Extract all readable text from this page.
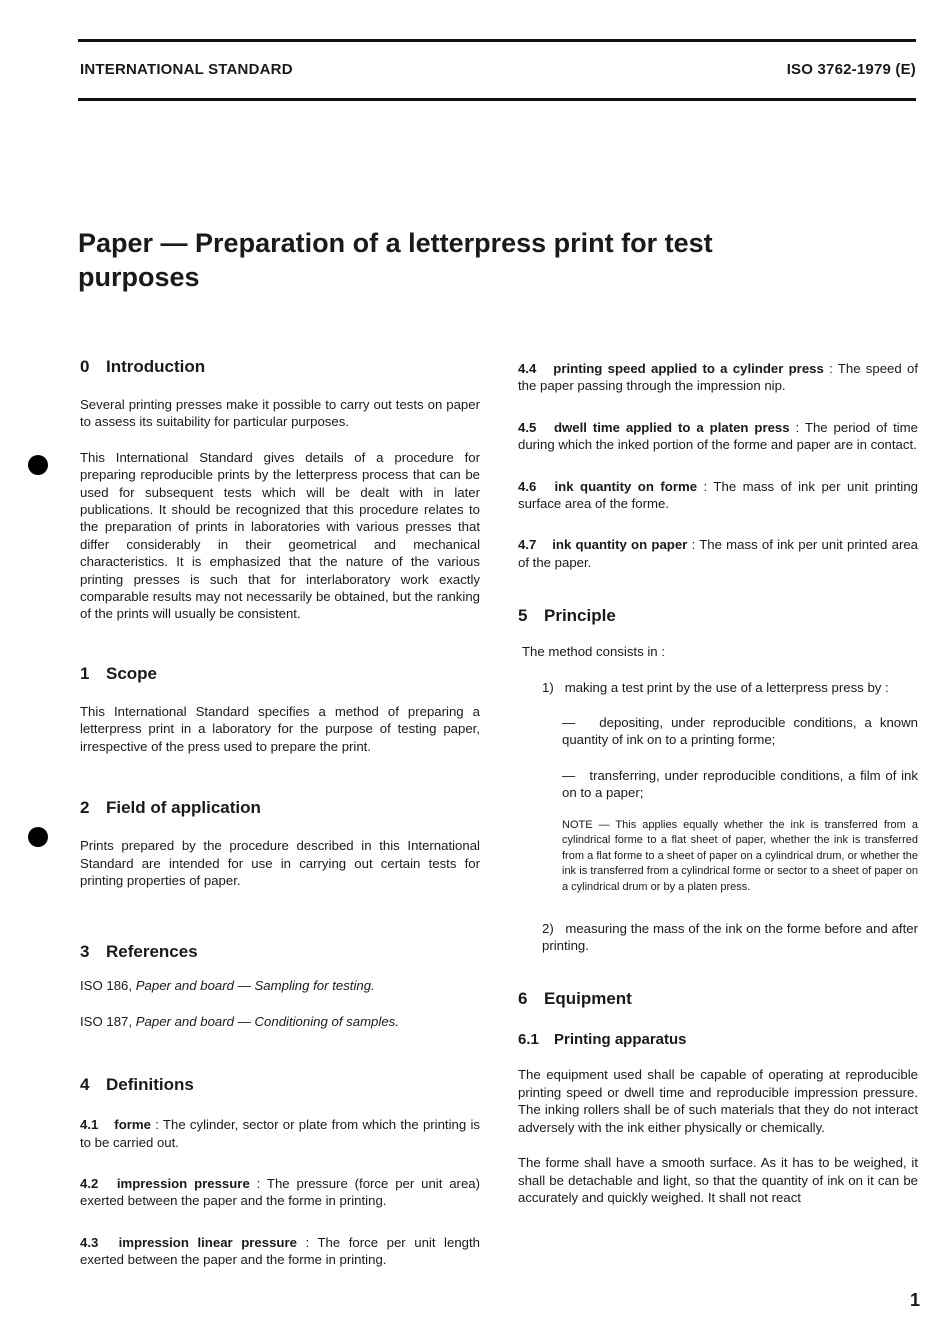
INTERNATIONAL STANDARD	ISO 3762-1979 (E)
Paper — Preparation of a letterpress print for test purposes
0 Introduction

Several printing presses make it possible to carry out tests on paper to assess its suitability for particular purposes.

This International Standard gives details of a procedure for preparing reproducible prints by the letterpress process that can be used for subsequent tests which will be dealt with in later publications. It should be recognized that this procedure relates to the preparation of prints in laboratories with various presses that differ considerably in their geometrical and mechanical characteristics. It is emphasized that the nature of the various printing presses is such that for interlaboratory work exactly comparable results may not necessarily be obtained, but the ranking of the prints will usually be consistent.

1 Scope

This International Standard specifies a method of preparing a letterpress print in a laboratory for the purpose of testing paper, irrespective of the press used to prepare the print.

2 Field of application

Prints prepared by the procedure described in this International Standard are intended for use in carrying out certain tests for printing properties of paper.

3 References

ISO 186, Paper and board — Sampling for testing.

ISO 187, Paper and board — Conditioning of samples.

4 Definitions

4.1 forme : The cylinder, sector or plate from which the printing is to be carried out.

4.2 impression pressure : The pressure (force per unit area) exerted between the paper and the forme in printing.

4.3 impression linear pressure : The force per unit length exerted between the paper and the forme in printing.

4.4 printing speed applied to a cylinder press : The speed of the paper passing through the impression nip.

4.5 dwell time applied to a platen press : The period of time during which the inked portion of the forme and paper are in contact.

4.6 ink quantity on forme : The mass of ink per unit printing surface area of the forme.

4.7 ink quantity on paper : The mass of ink per unit printed area of the paper.

5 Principle

The method consists in :

1)   making a test print by the use of a letterpress press by :

—   depositing, under reproducible conditions, a known quantity of ink on to a printing forme;

—   transferring, under reproducible conditions, a film of ink on to a paper;

NOTE — This applies equally whether the ink is transferred from a cylindrical forme to a flat sheet of paper, whether the ink is transferred from a flat forme to a sheet of paper on a cylindrical drum, or whether the ink is transferred from a cylindrical forme or sector to a sheet of paper on a cylindrical drum or by a platen press.

2)   measuring the mass of the ink on the forme before and after printing.

6 Equipment
6.1 Printing apparatus

The equipment used shall be capable of operating at reproducible printing speed or dwell time and reproducible impression pressure. The inking rollers shall be of such materials that they do not interact adversely with the ink either physically or chemically.

The forme shall have a smooth surface. As it has to be weighed, it shall be detachable and light, so that the quantity of ink on it can be accurately and quickly weighed. It shall not react

1
